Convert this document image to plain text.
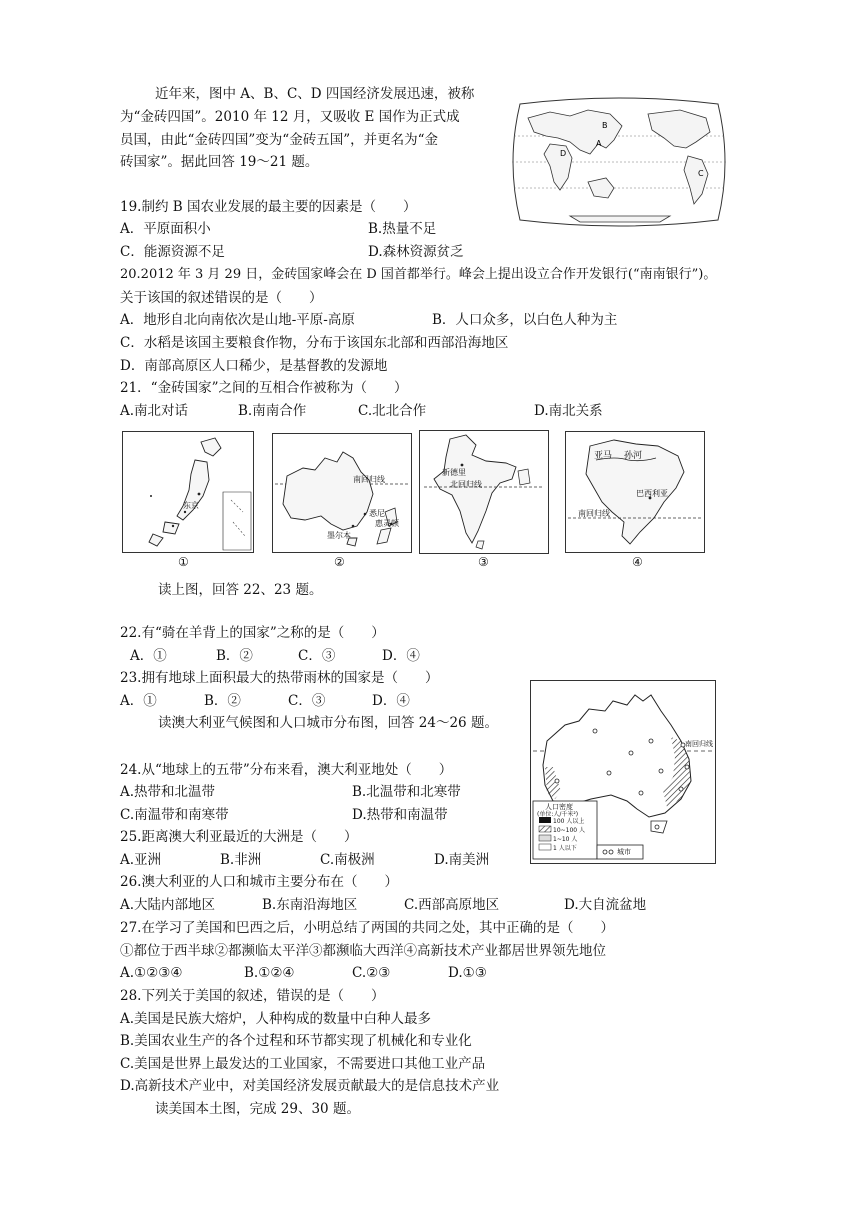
近年来，图中 A、B、C、D 四国经济发展迅速，被称
为“金砖四国”。2010 年 12 月，又吸收 E 国作为正式成
员国，由此“金砖四国”变为“金砖五国”，并更名为“金
砖国家”。据此回答 19～21 题。
B
A
D
C
19.制约 B 国农业发展的最主要的因素是（　　）
A．平原面积小	B.热量不足
C．能源资源不足	D.森林资源贫乏
20.2012 年 3 月 29 日，金砖国家峰会在 D 国首都举行。峰会上提出设立合作开发银行(“南南银行”)。
关于该国的叙述错误的是（　　）
A．地形自北向南依次是山地-平原-高原	B．人口众多，以白色人种为主
C．水稻是该国主要粮食作物，分布于该国东北部和西部沿海地区
D．南部高原区人口稀少，是基督教的发源地
21．“金砖国家”之间的互相合作被称为（　　）
A.南北对话	B.南南合作	C.北北合作	D.南北关系
东京
①
南回归线
悉尼
墨尔本
惠灵顿
②
新德里
北回归线
③
亚马 孙河
巴西利亚
南回归线
④
读上图，回答 22、23 题。
22.有“骑在羊背上的国家”之称的是（　　）
A．①	B．②	C．③	D．④
23.拥有地球上面积最大的热带雨林的国家是（　　）
A．①	B．②	C．③	D．④
读澳大利亚气候图和人口城市分布图，回答 24～26 题。
南回归线
人口密度
(单位:人/千米²)
100 人以上
10~100 人
1~10 人
1 人以下	城市
24.从“地球上的五带”分布来看，澳大利亚地处（　　）
A.热带和北温带	B.北温带和北寒带
C.南温带和南寒带	D.热带和南温带
25.距离澳大利亚最近的大洲是（　　）
A.亚洲	B.非洲	C.南极洲	D.南美洲
26.澳大利亚的人口和城市主要分布在（　　）
A.大陆内部地区	B.东南沿海地区	C.西部高原地区	D.大自流盆地
27.在学习了美国和巴西之后，小明总结了两国的共同之处，其中正确的是（　　）
①都位于西半球②都濒临太平洋③都濒临大西洋④高新技术产业都居世界领先地位
A.①②③④	B.①②④	C.②③	D.①③
28.下列关于美国的叙述，错误的是（　　）
A.美国是民族大熔炉，人种构成的数量中白种人最多
B.美国农业生产的各个过程和环节都实现了机械化和专业化
C.美国是世界上最发达的工业国家，不需要进口其他工业产品
D.高新技术产业中，对美国经济发展贡献最大的是信息技术产业
读美国本土图，完成 29、30 题。
